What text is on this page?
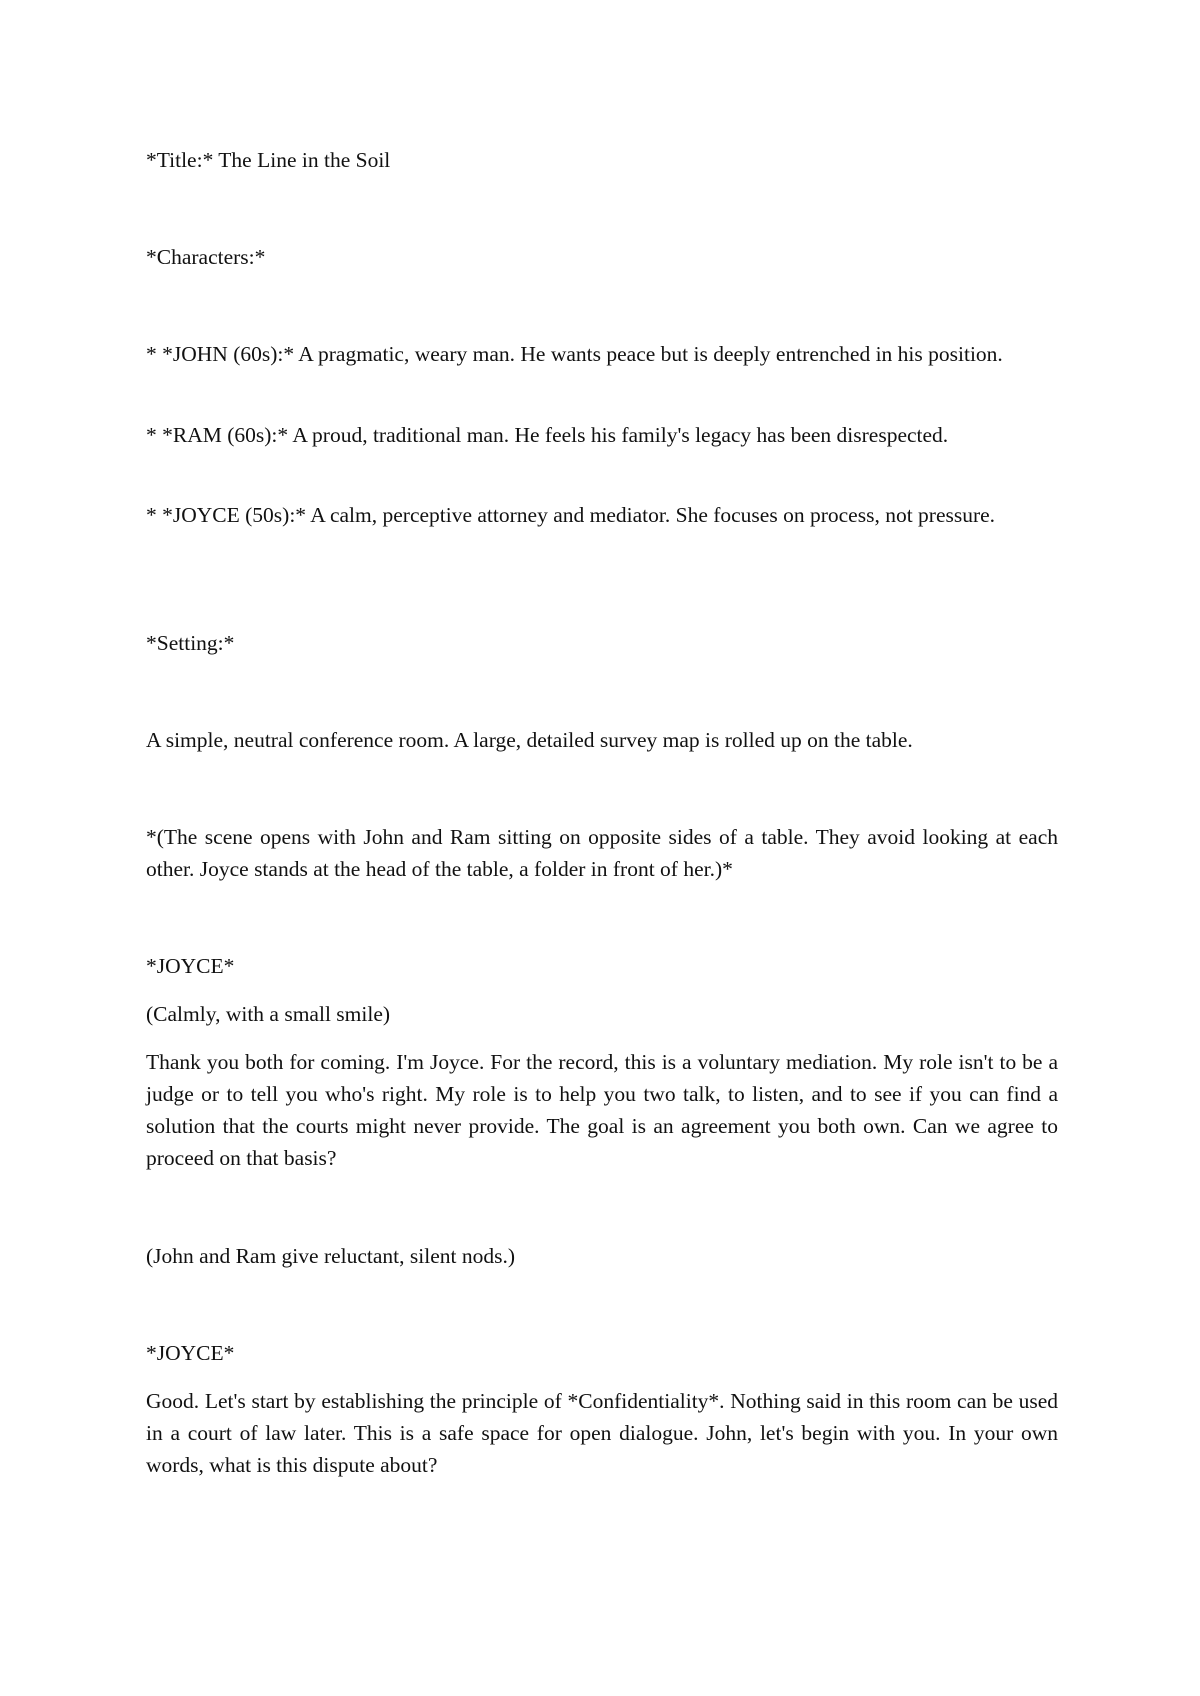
*Title:* The Line in the Soil

*Characters:*

* *JOHN (60s):* A pragmatic, weary man. He wants peace but is deeply entrenched in his position.

* *RAM (60s):* A proud, traditional man. He feels his family's legacy has been disrespected.

* *JOYCE (50s):* A calm, perceptive attorney and mediator. She focuses on process, not pressure.

*Setting:*

A simple, neutral conference room. A large, detailed survey map is rolled up on the table.

*(The scene opens with John and Ram sitting on opposite sides of a table. They avoid looking at each other. Joyce stands at the head of the table, a folder in front of her.)*

*JOYCE*

(Calmly, with a small smile)

Thank you both for coming. I'm Joyce. For the record, this is a voluntary mediation. My role isn't to be a judge or to tell you who's right. My role is to help you two talk, to listen, and to see if you can find a solution that the courts might never provide. The goal is an agreement you both own. Can we agree to proceed on that basis?

(John and Ram give reluctant, silent nods.)

*JOYCE*

Good. Let's start by establishing the principle of *Confidentiality*. Nothing said in this room can be used in a court of law later. This is a safe space for open dialogue. John, let's begin with you. In your own words, what is this dispute about?
